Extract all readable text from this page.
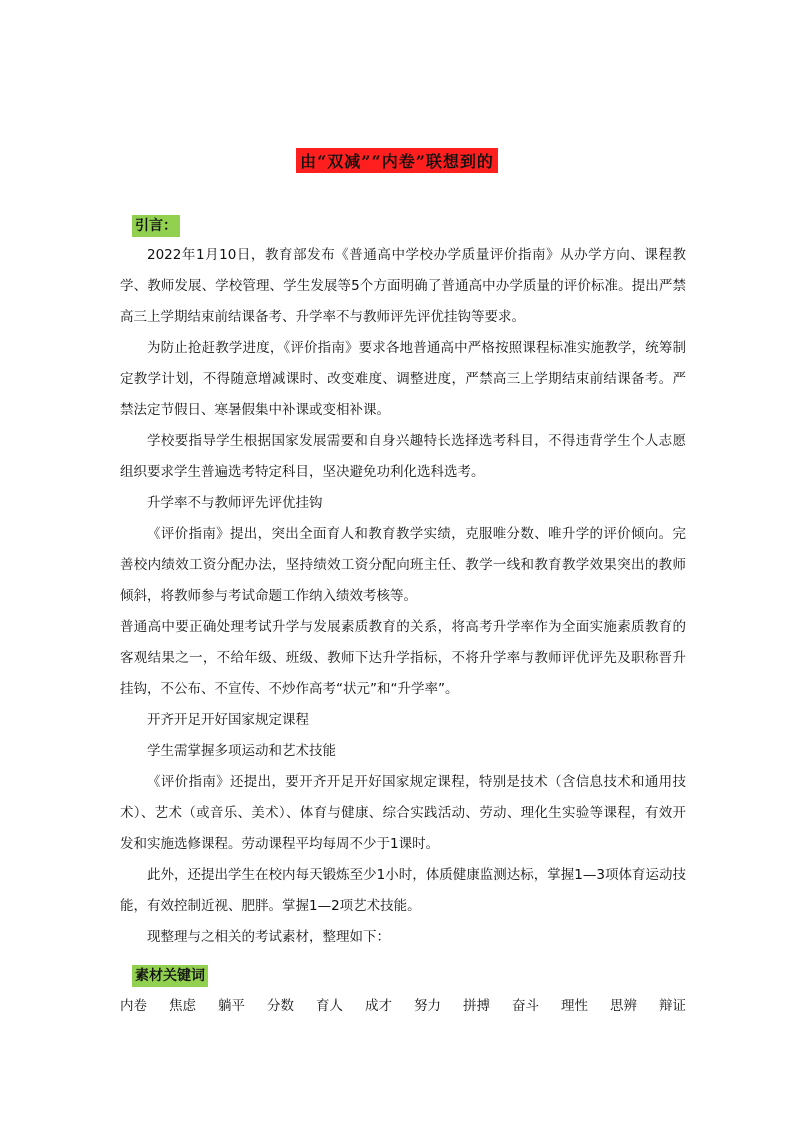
由“双减”“内卷”联想到的
引言：

2022年1月10日，教育部发布《普通高中学校办学质量评价指南》从办学方向、课程教学、教师发展、学校管理、学生发展等5个方面明确了普通高中办学质量的评价标准。提出严禁高三上学期结束前结课备考、升学率不与教师评先评优挂钩等要求。

为防止抢赶教学进度，《评价指南》要求各地普通高中严格按照课程标准实施教学，统筹制定教学计划，不得随意增减课时、改变难度、调整进度，严禁高三上学期结束前结课备考。严禁法定节假日、寒暑假集中补课或变相补课。

学校要指导学生根据国家发展需要和自身兴趣特长选择选考科目，不得违背学生个人志愿组织要求学生普遍选考特定科目，坚决避免功利化选科选考。

升学率不与教师评先评优挂钩

《评价指南》提出，突出全面育人和教育教学实绩，克服唯分数、唯升学的评价倾向。完善校内绩效工资分配办法，坚持绩效工资分配向班主任、教学一线和教育教学效果突出的教师倾斜，将教师参与考试命题工作纳入绩效考核等。

普通高中要正确处理考试升学与发展素质教育的关系，将高考升学率作为全面实施素质教育的客观结果之一，不给年级、班级、教师下达升学指标，不将升学率与教师评优评先及职称晋升挂钩，不公布、不宣传、不炒作高考“状元”和“升学率”。

开齐开足开好国家规定课程

学生需掌握多项运动和艺术技能

《评价指南》还提出，要开齐开足开好国家规定课程，特别是技术（含信息技术和通用技术）、艺术（或音乐、美术）、体育与健康、综合实践活动、劳动、理化生实验等课程，有效开发和实施选修课程。劳动课程平均每周不少于1课时。

此外，还提出学生在校内每天锻炼至少1小时，体质健康监测达标，掌握1—3项体育运动技能，有效控制近视、肥胖。掌握1—2项艺术技能。

现整理与之相关的考试素材，整理如下：

素材关键词
内卷 焦虑 躺平 分数 育人 成才 努力 拼搏 奋斗 理性 思辨 辩证
